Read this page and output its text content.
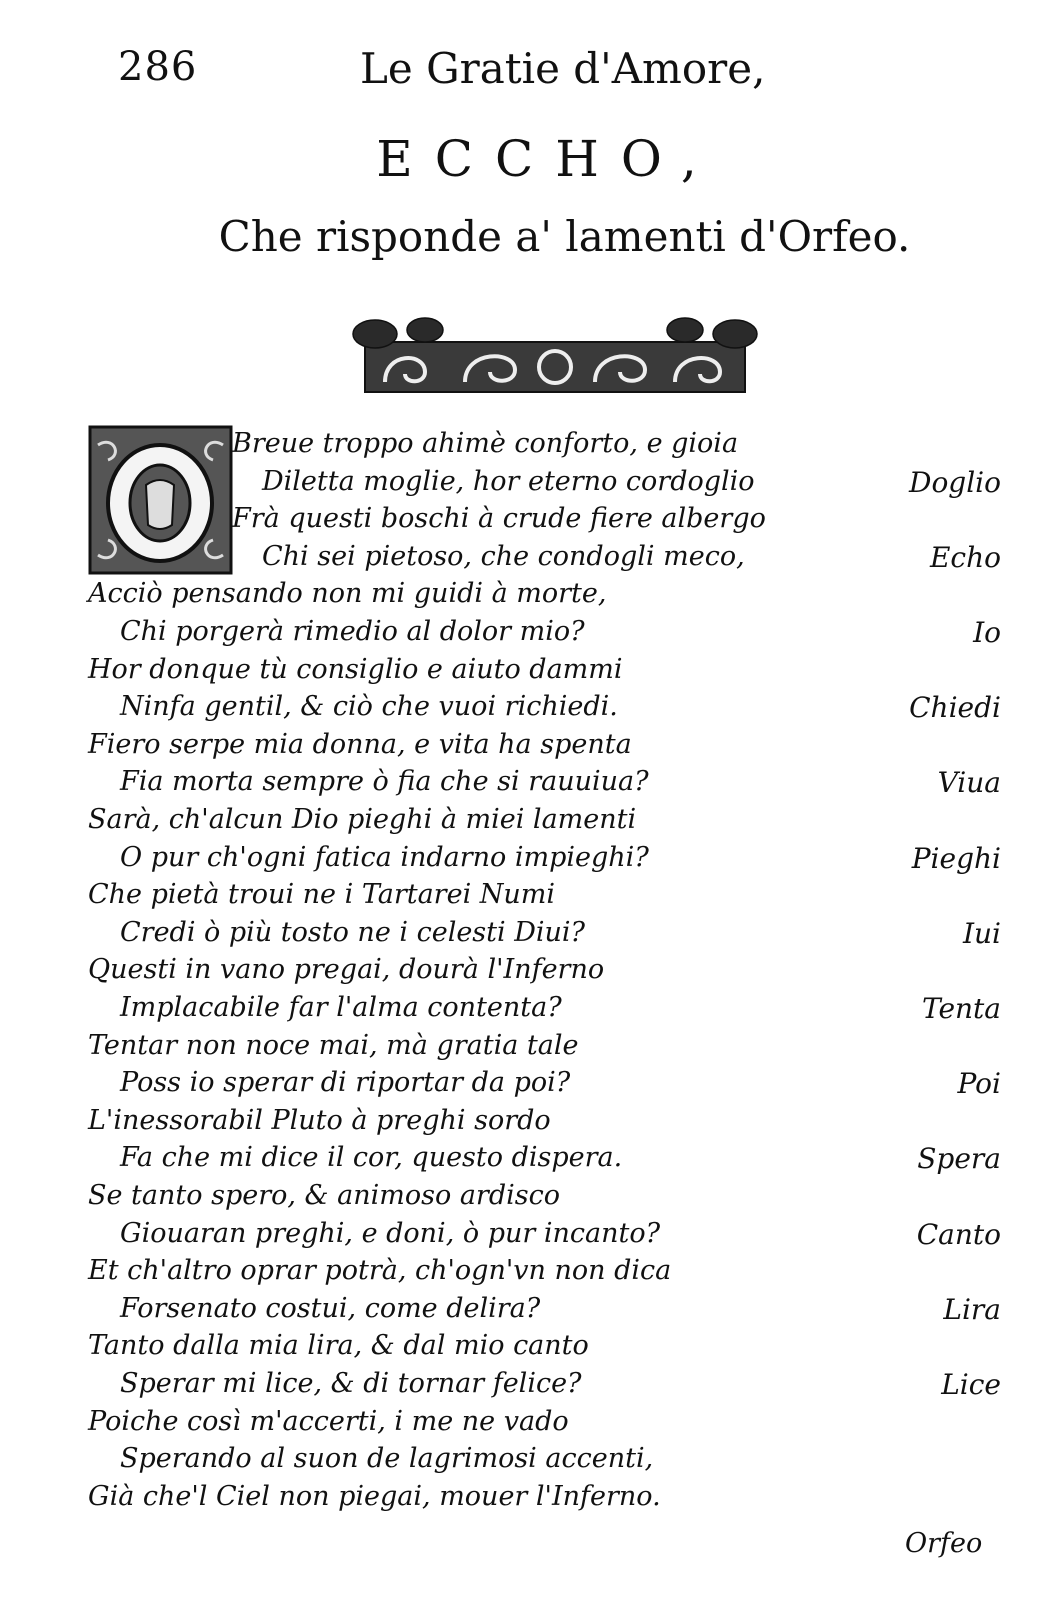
286	Le Gratie d'Amore,
ECCHO,
Che risponde a' lamenti d'Orfeo.
Breue troppo ahimè conforto, e gioia
Diletta moglie, hor eterno cordoglio
Frà questi boschi à crude fiere albergo
Chi sei pietoso, che condogli meco,
Acciò pensando non mi guidi à morte,
Chi porgerà rimedio al dolor mio?
Hor donque tù consiglio e aiuto dammi
Ninfa gentil, & ciò che vuoi richiedi.
Fiero serpe mia donna, e vita ha spenta
Fia morta sempre ò fia che si rauuiua?
Sarà, ch'alcun Dio pieghi à miei lamenti
O pur ch'ogni fatica indarno impieghi?
Che pietà troui ne i Tartarei Numi
Credi ò più tosto ne i celesti Diui?
Questi in vano pregai, dourà l'Inferno
Implacabile far l'alma contenta?
Tentar non noce mai, mà gratia tale
Poss io sperar di riportar da poi?
L'inessorabil Pluto à preghi sordo
Fa che mi dice il cor, questo dispera.
Se tanto spero, & animoso ardisco
Giouaran preghi, e doni, ò pur incanto?
Et ch'altro oprar potrà, ch'ogn'vn non dica
Forsenato costui, come delira?
Tanto dalla mia lira, & dal mio canto
Sperar mi lice, & di tornar felice?
Poiche così m'accerti, i me ne vado
Sperando al suon de lagrimosi accenti,
Già che'l Ciel non piegai, mouer l'Inferno.
Doglio
Echo
Io
Chiedi
Viua
Pieghi
Iui
Tenta
Poi
Spera
Canto
Lira
Lice
Orfeo
